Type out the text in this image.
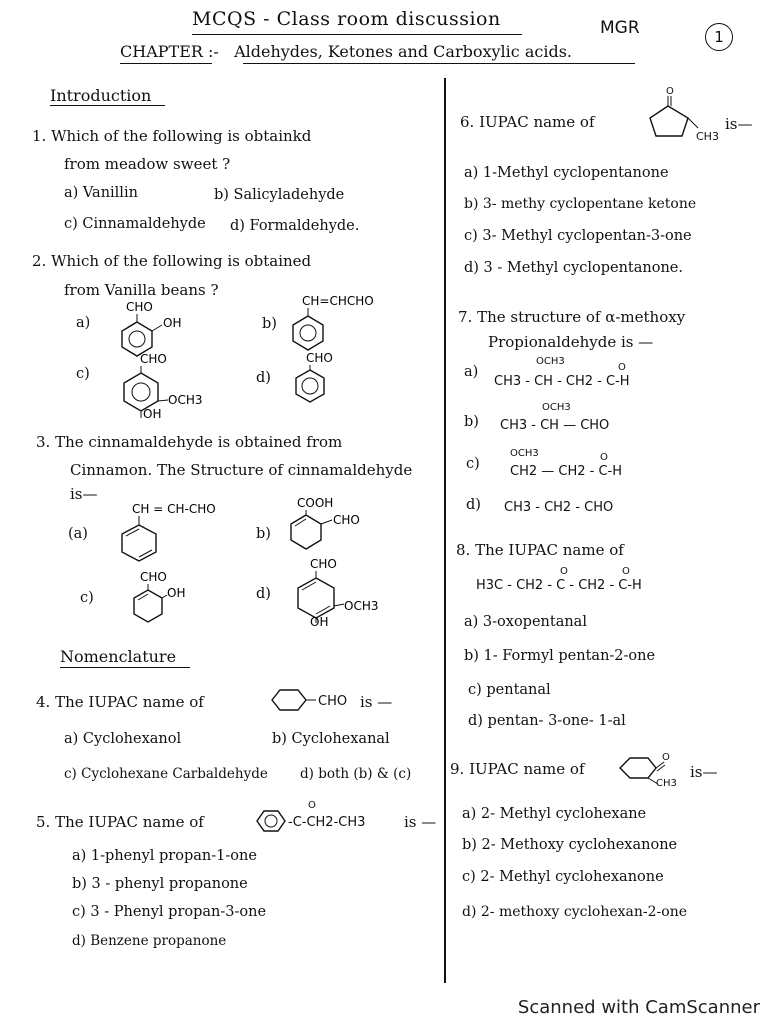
MCQS - Class room discussion	MGR	1
CHAPTER :- Aldehydes, Ketones and Carboxylic acids.
Introduction
1. Which of the following is obtainkd
from meadow sweet ?
a) Vanillin	b) Salicyladehyde
c) Cinnamaldehyde d) Formaldehyde.
2. Which of the following is obtained
from Vanilla beans ?
a)	b)
c)	d)
CHO
OH
CH=CHCHO
CHO
OCH3
OH
CHO
CH = CH-CHO	COOH
CHO
CHO
OH
CHO
OCH3
OH
3. The cinnamaldehyde is obtained from
Cinnamon. The Structure of cinnamaldehyde
is—
(a)	b)
c)	d)
Nomenclature
4. The IUPAC name of	CHO is —
a) Cyclohexanol	b) Cyclohexanal
c) Cyclohexane Carbaldehyde d) both (b) & (c)
5. The IUPAC name of
O
-C-CH2-CH3	is —
a) 1-phenyl propan-1-one
b) 3 - phenyl propanone
c) 3 - Phenyl propan-3-one
d) Benzene propanone
6. IUPAC name of
O
CH3
is—
a) 1-Methyl cyclopentanone
b) 3- methy cyclopentane ketone
c) 3- Methyl cyclopentan-3-one
d) 3 - Methyl cyclopentanone.
7. The structure of α-methoxy
Propionaldehyde is —
a)
OCH3
O
CH3 - CH - CH2 - C-H
b)
OCH3
CH3 - CH — CHO
c)
OCH3	O
CH2 — CH2 - C-H
d) CH3 - CH2 - CHO
8. The IUPAC name of
O	O
H3C - CH2 - C - CH2 - C-H
a) 3-oxopentanal
b) 1- Formyl pentan-2-one
c) pentanal
d) pentan- 3-one- 1-al
9. IUPAC name of
O
CH3
is—
a) 2- Methyl cyclohexane
b) 2- Methoxy cyclohexanone
c) 2- Methyl cyclohexanone
d) 2- methoxy cyclohexan-2-one
Scanned with CamScanner
